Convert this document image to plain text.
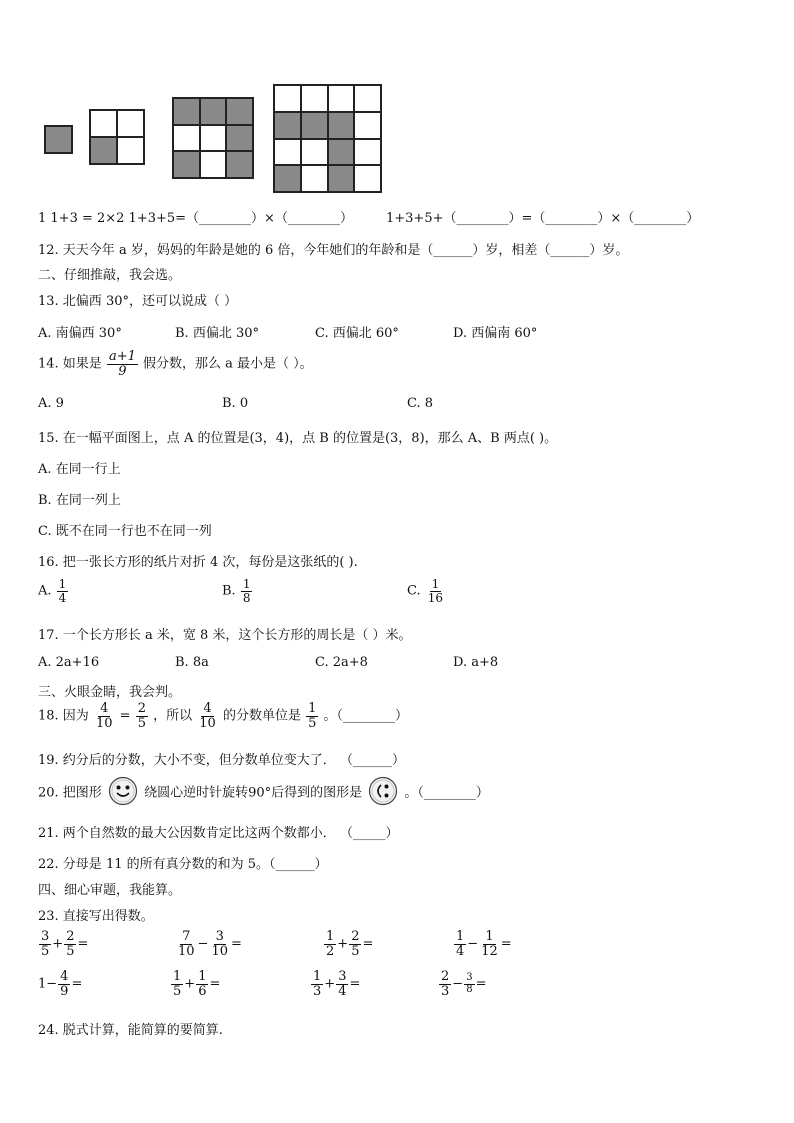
1 1+3 = 2×2 1+3+5=（________）×（________）	1+3+5+（________）=（________）×（________）
12. 天天今年 a 岁，妈妈的年龄是她的 6 倍，今年她们的年龄和是（______）岁，相差（______）岁。
二、仔细推敲，我会选。
13. 北偏西 30°，还可以说成（ ）
A. 南偏西 30°	B. 西偏北 30°	C. 西偏北 60°	D. 西偏南 60°
14. 如果是 $\frac{a+1}{9}$ 假分数，那么 a 最小是（ ）。
A. 9	B. 0	C. 8
15. 在一幅平面图上，点 A 的位置是(3，4)，点 B 的位置是(3，8)，那么 A、B 两点( )。
A. 在同一行上
B. 在同一列上
C. 既不在同一行也不在同一列
16. 把一张长方形的纸片对折 4 次，每份是这张纸的( ).
A. $\frac{1}{4}$	B. $\frac{1}{8}$	C. $\frac{1}{16}$
17. 一个长方形长 a 米，宽 8 米，这个长方形的周长是（ ）米。
A. 2a+16	B. 8a	C. 2a+8	D. a+8
三、火眼金睛，我会判。
18. 因为 $\frac{4}{10} = \frac{2}{5}$ ，所以 $\frac{4}{10}$ 的分数单位是 $\frac{1}{5}$ 。（________）
19. 约分后的分数，大小不变，但分数单位变大了． （______）
20. 把图形	绕圆心逆时针旋转90°后得到的图形是	。（________）
21. 两个自然数的最大公因数肯定比这两个数都小． （_____）
22. 分母是 11 的所有真分数的和为 5。（______）
四、细心审题，我能算。
23. 直接写出得数。
$\frac{3}{5} + \frac{2}{5}$ =	$\frac{7}{10} - \frac{3}{10}$ =	$\frac{1}{2} + \frac{2}{5}$ =	$\frac{1}{4} - \frac{1}{12}$ =
$1- \frac{4}{9}$ =	$\frac{1}{5} + \frac{1}{6}$ =	$\frac{1}{3} + \frac{3}{4}$ =	$\frac{2}{3} - \frac{3}{8}$ =
24. 脱式计算，能简算的要简算.
